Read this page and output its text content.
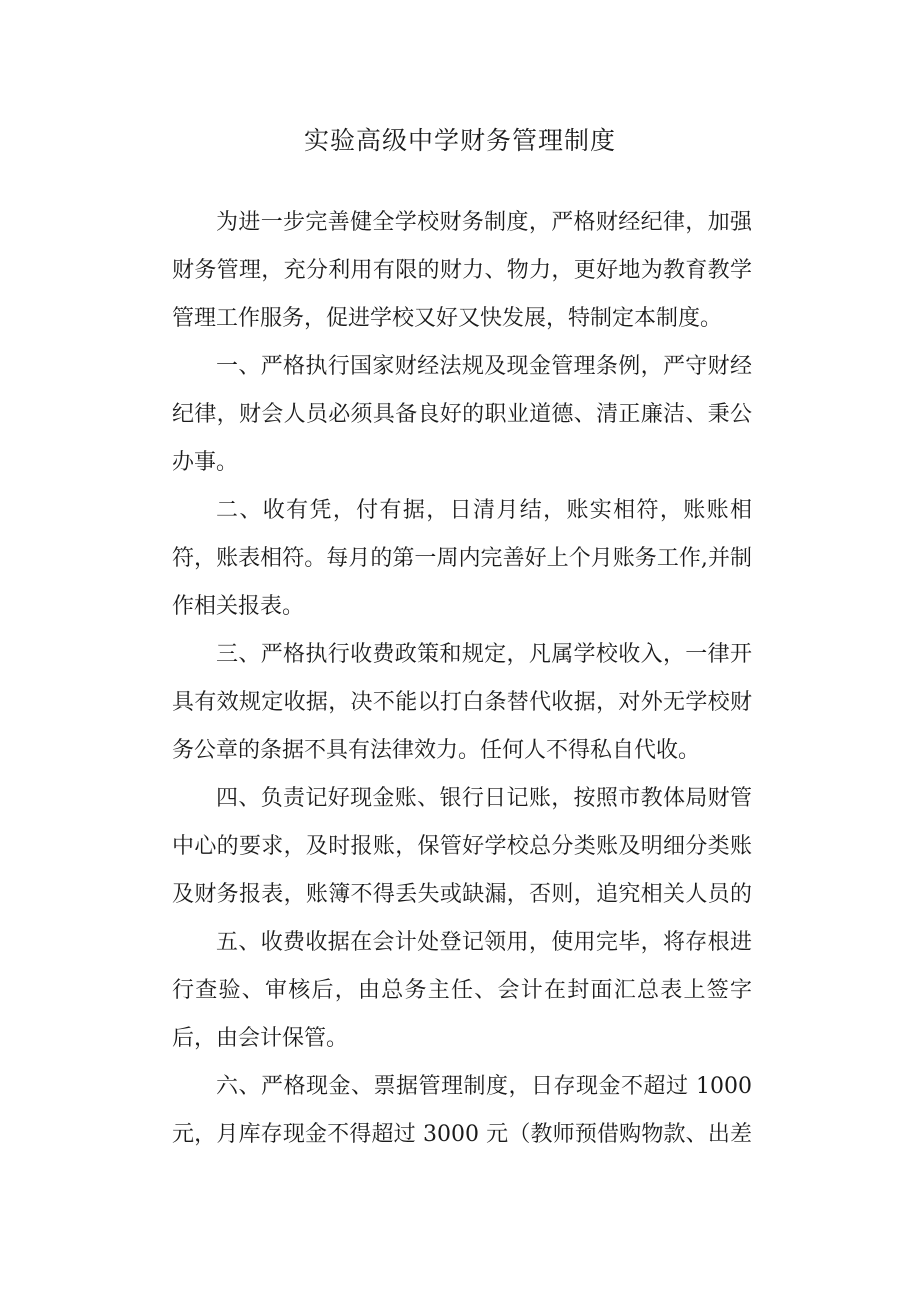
实验高级中学财务管理制度

为进一步完善健全学校财务制度，严格财经纪律，加强财务管理，充分利用有限的财力、物力，更好地为教育教学管理工作服务，促进学校又好又快发展，特制定本制度。

一、严格执行国家财经法规及现金管理条例，严守财经纪律，财会人员必须具备良好的职业道德、清正廉洁、秉公办事。

二、收有凭，付有据，日清月结，账实相符，账账相符，账表相符。每月的第一周内完善好上个月账务工作,并制作相关报表。

三、严格执行收费政策和规定，凡属学校收入，一律开具有效规定收据，决不能以打白条替代收据，对外无学校财务公章的条据不具有法律效力。任何人不得私自代收。

四、负责记好现金账、银行日记账，按照市教体局财管中心的要求，及时报账，保管好学校总分类账及明细分类账及财务报表，账簿不得丢失或缺漏，否则，追究相关人员的

五、收费收据在会计处登记领用，使用完毕，将存根进行查验、审核后，由总务主任、会计在封面汇总表上签字后，由会计保管。

六、严格现金、票据管理制度，日存现金不超过 1000 元，月库存现金不得超过 3000 元（教师预借购物款、出差
